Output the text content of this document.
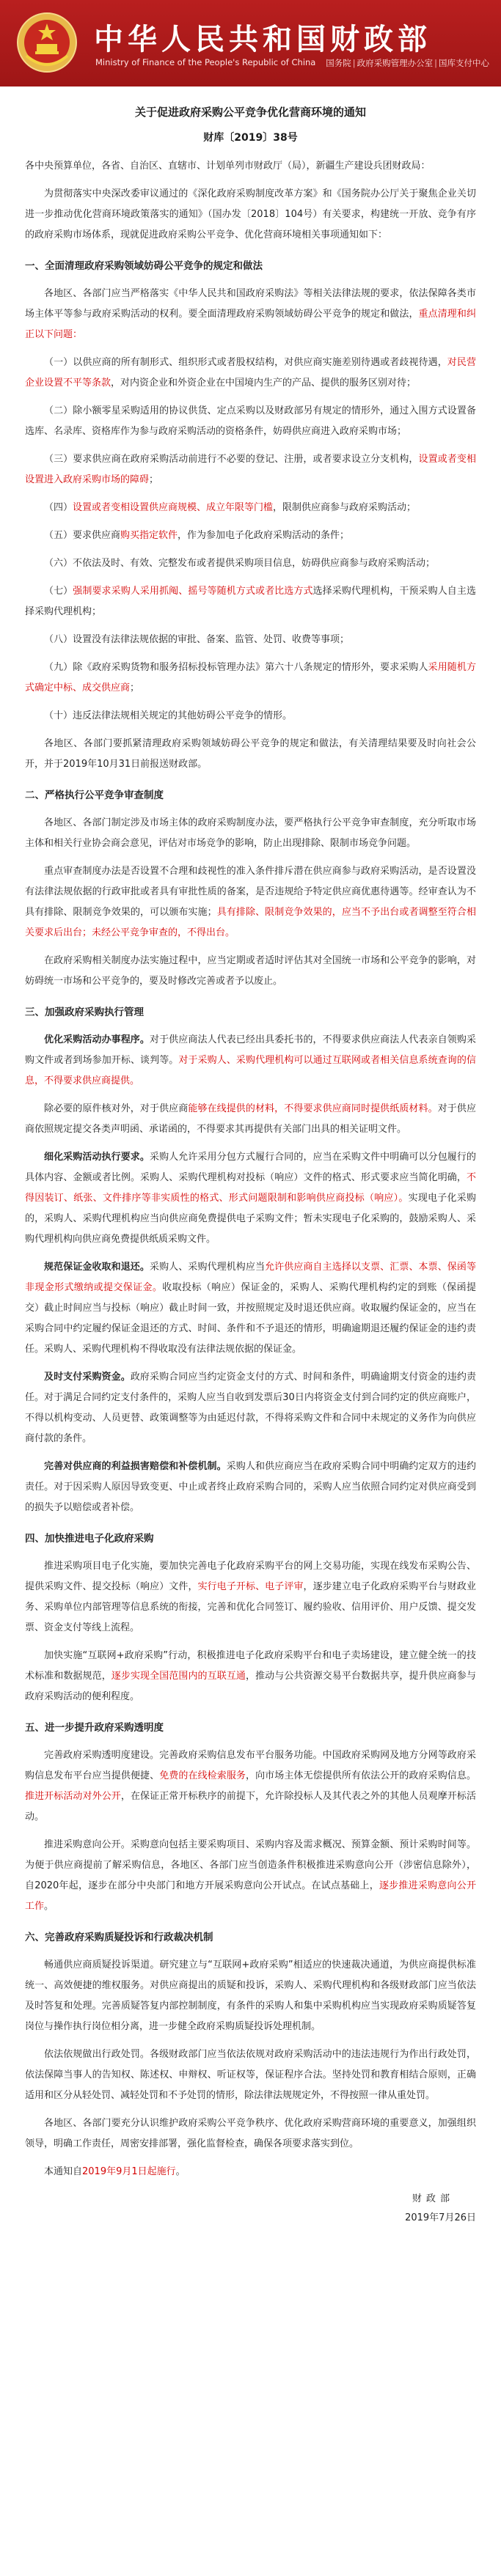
中华人民共和国财政部
Ministry of Finance of the People's Republic of China 国务院 | 政府采购管理办公室 | 国库支付中心
关于促进政府采购公平竞争优化营商环境的通知
财库〔2019〕38号

各中央预算单位，各省、自治区、直辖市、计划单列市财政厅（局），新疆生产建设兵团财政局：

为贯彻落实中央深改委审议通过的《深化政府采购制度改革方案》和《国务院办公厅关于聚焦企业关切进一步推动优化营商环境政策落实的通知》（国办发〔2018〕104号）有关要求，构建统一开放、竞争有序的政府采购市场体系，现就促进政府采购公平竞争、优化营商环境相关事项通知如下：

一、全面清理政府采购领域妨碍公平竞争的规定和做法

各地区、各部门应当严格落实《中华人民共和国政府采购法》等相关法律法规的要求，依法保障各类市场主体平等参与政府采购活动的权利。要全面清理政府采购领域妨碍公平竞争的规定和做法，重点清理和纠正以下问题：

（一）以供应商的所有制形式、组织形式或者股权结构，对供应商实施差别待遇或者歧视待遇，对民营企业设置不平等条款，对内资企业和外资企业在中国境内生产的产品、提供的服务区别对待；

（二）除小额零星采购适用的协议供货、定点采购以及财政部另有规定的情形外，通过入围方式设置备选库、名录库、资格库作为参与政府采购活动的资格条件，妨碍供应商进入政府采购市场；

（三）要求供应商在政府采购活动前进行不必要的登记、注册，或者要求设立分支机构，设置或者变相设置进入政府采购市场的障碍；

（四）设置或者变相设置供应商规模、成立年限等门槛，限制供应商参与政府采购活动；

（五）要求供应商购买指定软件，作为参加电子化政府采购活动的条件；

（六）不依法及时、有效、完整发布或者提供采购项目信息，妨碍供应商参与政府采购活动；

（七）强制要求采购人采用抓阄、摇号等随机方式或者比选方式选择采购代理机构，干预采购人自主选择采购代理机构；

（八）设置没有法律法规依据的审批、备案、监管、处罚、收费等事项；

（九）除《政府采购货物和服务招标投标管理办法》第六十八条规定的情形外，要求采购人采用随机方式确定中标、成交供应商；

（十）违反法律法规相关规定的其他妨碍公平竞争的情形。

各地区、各部门要抓紧清理政府采购领域妨碍公平竞争的规定和做法，有关清理结果要及时向社会公开，并于2019年10月31日前报送财政部。

二、严格执行公平竞争审查制度

各地区、各部门制定涉及市场主体的政府采购制度办法，要严格执行公平竞争审查制度，充分听取市场主体和相关行业协会商会意见，评估对市场竞争的影响，防止出现排除、限制市场竞争问题。

重点审查制度办法是否设置不合理和歧视性的准入条件排斥潜在供应商参与政府采购活动，是否设置没有法律法规依据的行政审批或者具有审批性质的备案，是否违规给予特定供应商优惠待遇等。经审查认为不具有排除、限制竞争效果的，可以颁布实施；具有排除、限制竞争效果的，应当不予出台或者调整至符合相关要求后出台；未经公平竞争审查的，不得出台。

在政府采购相关制度办法实施过程中，应当定期或者适时评估其对全国统一市场和公平竞争的影响，对妨碍统一市场和公平竞争的，要及时修改完善或者予以废止。

三、加强政府采购执行管理

优化采购活动办事程序。对于供应商法人代表已经出具委托书的，不得要求供应商法人代表亲自领购采购文件或者到场参加开标、谈判等。对于采购人、采购代理机构可以通过互联网或者相关信息系统查询的信息，不得要求供应商提供。

除必要的原件核对外，对于供应商能够在线提供的材料，不得要求供应商同时提供纸质材料。对于供应商依照规定提交各类声明函、承诺函的，不得要求其再提供有关部门出具的相关证明文件。

细化采购活动执行要求。采购人允许采用分包方式履行合同的，应当在采购文件中明确可以分包履行的具体内容、金额或者比例。采购人、采购代理机构对投标（响应）文件的格式、形式要求应当简化明确，不得因装订、纸张、文件排序等非实质性的格式、形式问题限制和影响供应商投标（响应）。实现电子化采购的，采购人、采购代理机构应当向供应商免费提供电子采购文件；暂未实现电子化采购的，鼓励采购人、采购代理机构向供应商免费提供纸质采购文件。

规范保证金收取和退还。采购人、采购代理机构应当允许供应商自主选择以支票、汇票、本票、保函等非现金形式缴纳或提交保证金。收取投标（响应）保证金的，采购人、采购代理机构约定的到账（保函提交）截止时间应当与投标（响应）截止时间一致，并按照规定及时退还供应商。收取履约保证金的，应当在采购合同中约定履约保证金退还的方式、时间、条件和不予退还的情形，明确逾期退还履约保证金的违约责任。采购人、采购代理机构不得收取没有法律法规依据的保证金。

及时支付采购资金。政府采购合同应当约定资金支付的方式、时间和条件，明确逾期支付资金的违约责任。对于满足合同约定支付条件的，采购人应当自收到发票后30日内将资金支付到合同约定的供应商账户，不得以机构变动、人员更替、政策调整等为由延迟付款，不得将采购文件和合同中未规定的义务作为向供应商付款的条件。

完善对供应商的利益损害赔偿和补偿机制。采购人和供应商应当在政府采购合同中明确约定双方的违约责任。对于因采购人原因导致变更、中止或者终止政府采购合同的，采购人应当依照合同约定对供应商受到的损失予以赔偿或者补偿。

四、加快推进电子化政府采购

推进采购项目电子化实施，要加快完善电子化政府采购平台的网上交易功能，实现在线发布采购公告、提供采购文件、提交投标（响应）文件，实行电子开标、电子评审，逐步建立电子化政府采购平台与财政业务、采购单位内部管理等信息系统的衔接，完善和优化合同签订、履约验收、信用评价、用户反馈、提交发票、资金支付等线上流程。

加快实施“互联网+政府采购”行动，积极推进电子化政府采购平台和电子卖场建设，建立健全统一的技术标准和数据规范，逐步实现全国范围内的互联互通，推动与公共资源交易平台数据共享，提升供应商参与政府采购活动的便利程度。

五、进一步提升政府采购透明度

完善政府采购透明度建设。完善政府采购信息发布平台服务功能。中国政府采购网及地方分网等政府采购信息发布平台应当提供便捷、免费的在线检索服务，向市场主体无偿提供所有依法公开的政府采购信息。推进开标活动对外公开，在保证正常开标秩序的前提下，允许除投标人及其代表之外的其他人员观摩开标活动。

推进采购意向公开。采购意向包括主要采购项目、采购内容及需求概况、预算金额、预计采购时间等。为便于供应商提前了解采购信息，各地区、各部门应当创造条件积极推进采购意向公开（涉密信息除外），自2020年起，逐步在部分中央部门和地方开展采购意向公开试点。在试点基础上，逐步推进采购意向公开工作。

六、完善政府采购质疑投诉和行政裁决机制

畅通供应商质疑投诉渠道。研究建立与“互联网+政府采购”相适应的快速裁决通道，为供应商提供标准统一、高效便捷的维权服务。对供应商提出的质疑和投诉，采购人、采购代理机构和各级财政部门应当依法及时答复和处理。完善质疑答复内部控制制度，有条件的采购人和集中采购机构应当实现政府采购质疑答复岗位与操作执行岗位相分离，进一步健全政府采购质疑投诉处理机制。

依法依规做出行政处罚。各级财政部门应当依法依规对政府采购活动中的违法违规行为作出行政处罚，依法保障当事人的告知权、陈述权、申辩权、听证权等，保证程序合法。坚持处罚和教育相结合原则，正确适用和区分从轻处罚、减轻处罚和不予处罚的情形，除法律法规规定外，不得按照一律从重处罚。

各地区、各部门要充分认识维护政府采购公平竞争秩序、优化政府采购营商环境的重要意义，加强组织领导，明确工作责任，周密安排部署，强化监督检查，确保各项要求落实到位。

本通知自2019年9月1日起施行。

财政部
2019年7月26日
